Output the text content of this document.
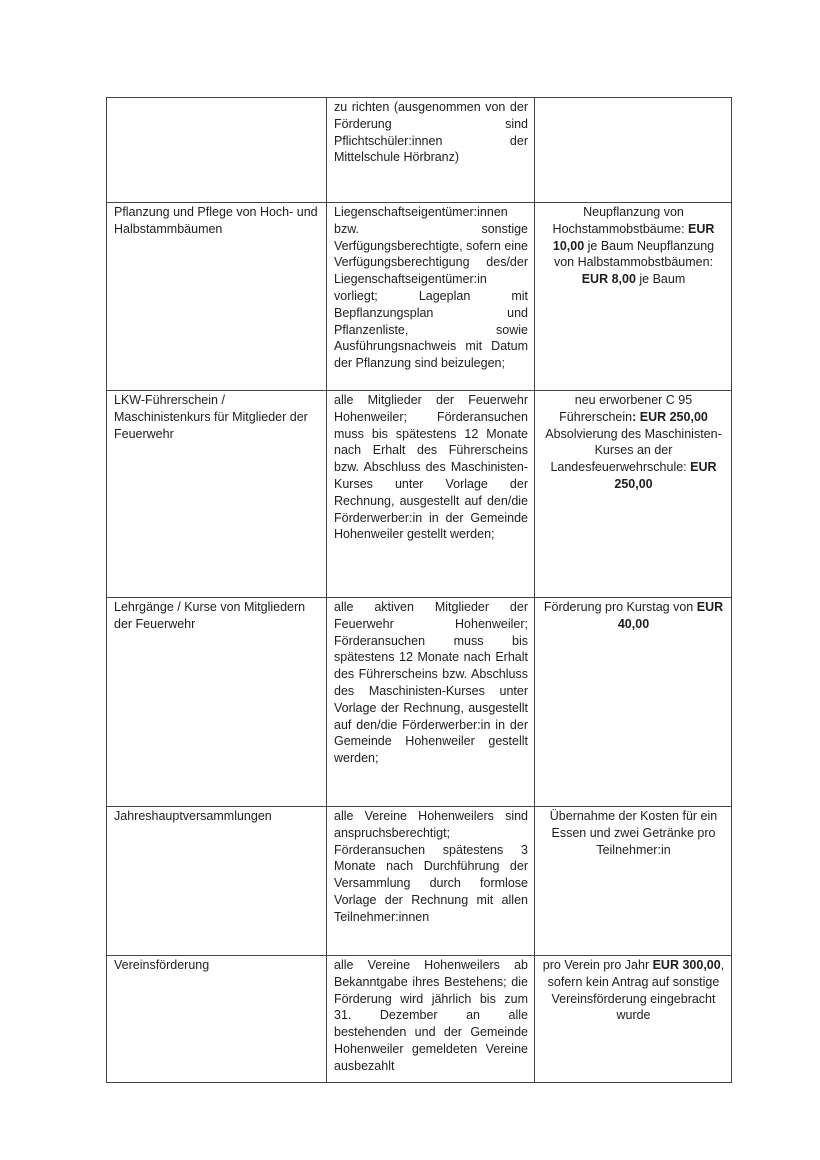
	zu richten (ausgenommen von der Förderung sind Pflichtschüler:innen der Mittelschule Hörbranz)	

Pflanzung und Pflege von Hoch- und Halbstammbäumen	Liegenschaftseigentümer:innen bzw. sonstige Verfügungsberechtigte, sofern eine Verfügungsberechtigung des/der Liegenschaftseigentümer:in vorliegt; Lageplan mit Bepflanzungsplan und Pflanzenliste, sowie Ausführungsnachweis mit Datum der Pflanzung sind beizulegen;	Neupflanzung von Hochstammobstbäume: EUR 10,00 je Baum Neupflanzung von Halbstammobstbäumen: EUR 8,00 je Baum

LKW-Führerschein / Maschinistenkurs für Mitglieder der Feuerwehr	alle Mitglieder der Feuerwehr Hohenweiler; Förderansuchen muss bis spätestens 12 Monate nach Erhalt des Führerscheins bzw. Abschluss des Maschinisten-Kurses unter Vorlage der Rechnung, ausgestellt auf den/die Förderwerber:in in der Gemeinde Hohenweiler gestellt werden;	neu erworbener C 95 Führerschein: EUR 250,00 Absolvierung des Maschinisten-Kurses an der Landesfeuerwehrschule: EUR 250,00

Lehrgänge / Kurse von Mitgliedern der Feuerwehr	alle aktiven Mitglieder der Feuerwehr Hohenweiler; Förderansuchen muss bis spätestens 12 Monate nach Erhalt des Führerscheins bzw. Abschluss des Maschinisten-Kurses unter Vorlage der Rechnung, ausgestellt auf den/die Förderwerber:in in der Gemeinde Hohenweiler gestellt werden;	Förderung pro Kurstag von EUR 40,00

Jahreshauptversammlungen	alle Vereine Hohenweilers sind anspruchsberechtigt; Förderansuchen spätestens 3 Monate nach Durchführung der Versammlung durch formlose Vorlage der Rechnung mit allen Teilnehmer:innen	Übernahme der Kosten für ein Essen und zwei Getränke pro Teilnehmer:in

Vereinsförderung	alle Vereine Hohenweilers ab Bekanntgabe ihres Bestehens; die Förderung wird jährlich bis zum 31. Dezember an alle bestehenden und der Gemeinde Hohenweiler gemeldeten Vereine ausbezahlt	pro Verein pro Jahr EUR 300,00, sofern kein Antrag auf sonstige Vereinsförderung eingebracht wurde
